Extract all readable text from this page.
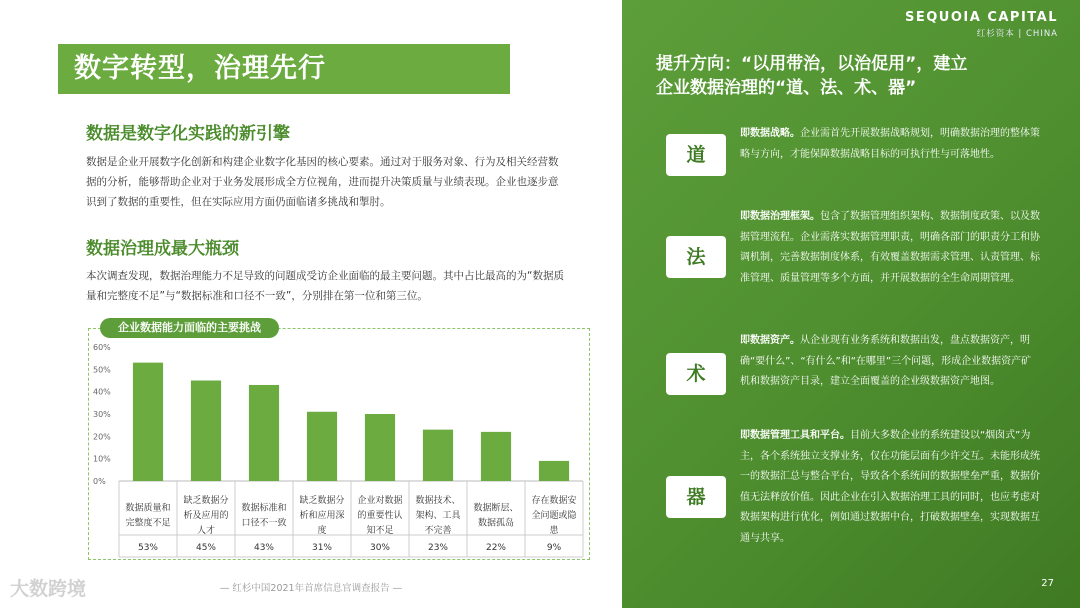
数字转型，治理先行
数据是数字化实践的新引擎
数据是企业开展数字化创新和构建企业数字化基因的核心要素。通过对于服务对象、行为及相关经营数据的分析，能够帮助企业对于业务发展形成全方位视角，进而提升决策质量与业绩表现。企业也逐步意识到了数据的重要性，但在实际应用方面仍面临诸多挑战和掣肘。
数据治理成最大瓶颈
本次调查发现，数据治理能力不足导致的问题成受访企业面临的最主要问题。其中占比最高的为“数据质量和完整度不足”与“数据标准和口径不一致”，分别排在第一位和第三位。
0%
10%
20%
30%
40%
50%
60%
数据质量和
完整度不足
53%
缺乏数据分
析及应用的
人才
45%
数据标准和
口径不一致
43%
缺乏数据分
析和应用深
度
31%
企业对数据
的重要性认
知不足
30%
数据技术、
架构、工具
不完善
23%
数据断层、
数据孤岛
22%
存在数据安
全问题或隐
患
9%
企业数据能力面临的主要挑战
大数跨境	— 红杉中国2021年首席信息官调查报告 —
SEQUOIA CAPITAL
红杉资本 | CHINA
提升方向：“以用带治，以治促用”，建立
企业数据治理的“道、法、术、器”
道
即数据战略。企业需首先开展数据战略规划，明确数据治理的整体策略与方向，才能保障数据战略目标的可执行性与可落地性。
法
即数据治理框架。包含了数据管理组织架构、数据制度政策、以及数据管理流程。企业需落实数据管理职责，明确各部门的职责分工和协调机制，完善数据制度体系，有效覆盖数据需求管理、认责管理、标准管理、质量管理等多个方面，并开展数据的全生命周期管理。
术
即数据资产。从企业现有业务系统和数据出发，盘点数据资产，明确“要什么”、“有什么”和“在哪里”三个问题，形成企业数据资产矿机和数据资产目录，建立全面覆盖的企业级数据资产地图。
器
即数据管理工具和平台。目前大多数企业的系统建设以“烟囱式”为主，各个系统独立支撑业务，仅在功能层面有少许交互。未能形成统一的数据汇总与整合平台，导致各个系统间的数据壁垒严重，数据价值无法释放价值。因此企业在引入数据治理工具的同时，也应考虑对数据架构进行优化，例如通过数据中台，打破数据壁垒，实现数据互通与共享。
27
